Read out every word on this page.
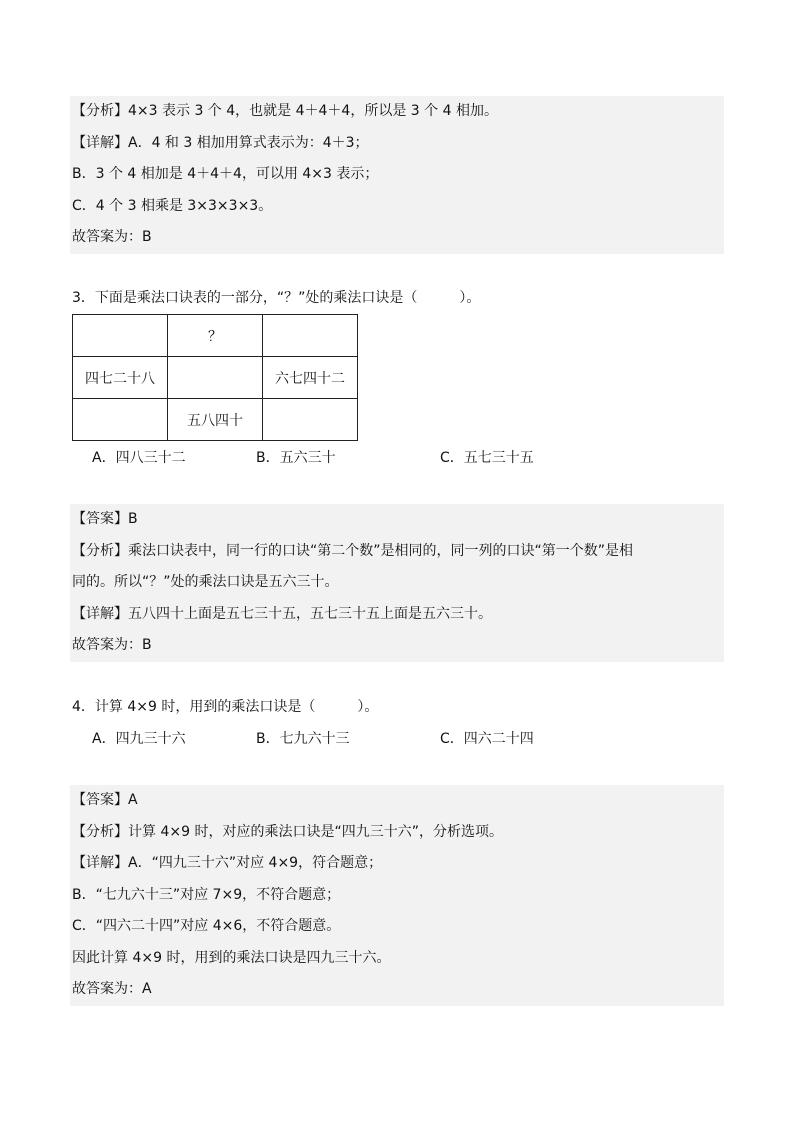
【分析】4×3 表示 3 个 4，也就是 4＋4＋4，所以是 3 个 4 相加。
【详解】A．4 和 3 相加用算式表示为：4＋3；
B．3 个 4 相加是 4＋4＋4，可以用 4×3 表示；
C．4 个 3 相乘是 3×3×3×3。
故答案为：B
3．下面是乘法口诀表的一部分，“？”处的乘法口诀是（　　　）。
	？	
四七二十八		六七四十二
	五八四十	
A．四八三十二	B．五六三十	C．五七三十五
【答案】B
【分析】乘法口诀表中，同一行的口诀“第二个数”是相同的，同一列的口诀“第一个数”是相
同的。所以“？”处的乘法口诀是五六三十。
【详解】五八四十上面是五七三十五，五七三十五上面是五六三十。
故答案为：B
4．计算 4×9 时，用到的乘法口诀是（　　　）。
A．四九三十六	B．七九六十三	C．四六二十四
【答案】A
【分析】计算 4×9 时，对应的乘法口诀是“四九三十六”，分析选项。
【详解】A．“四九三十六”对应 4×9，符合题意；
B．“七九六十三”对应 7×9，不符合题意；
C．“四六二十四”对应 4×6，不符合题意。
因此计算 4×9 时，用到的乘法口诀是四九三十六。
故答案为：A
